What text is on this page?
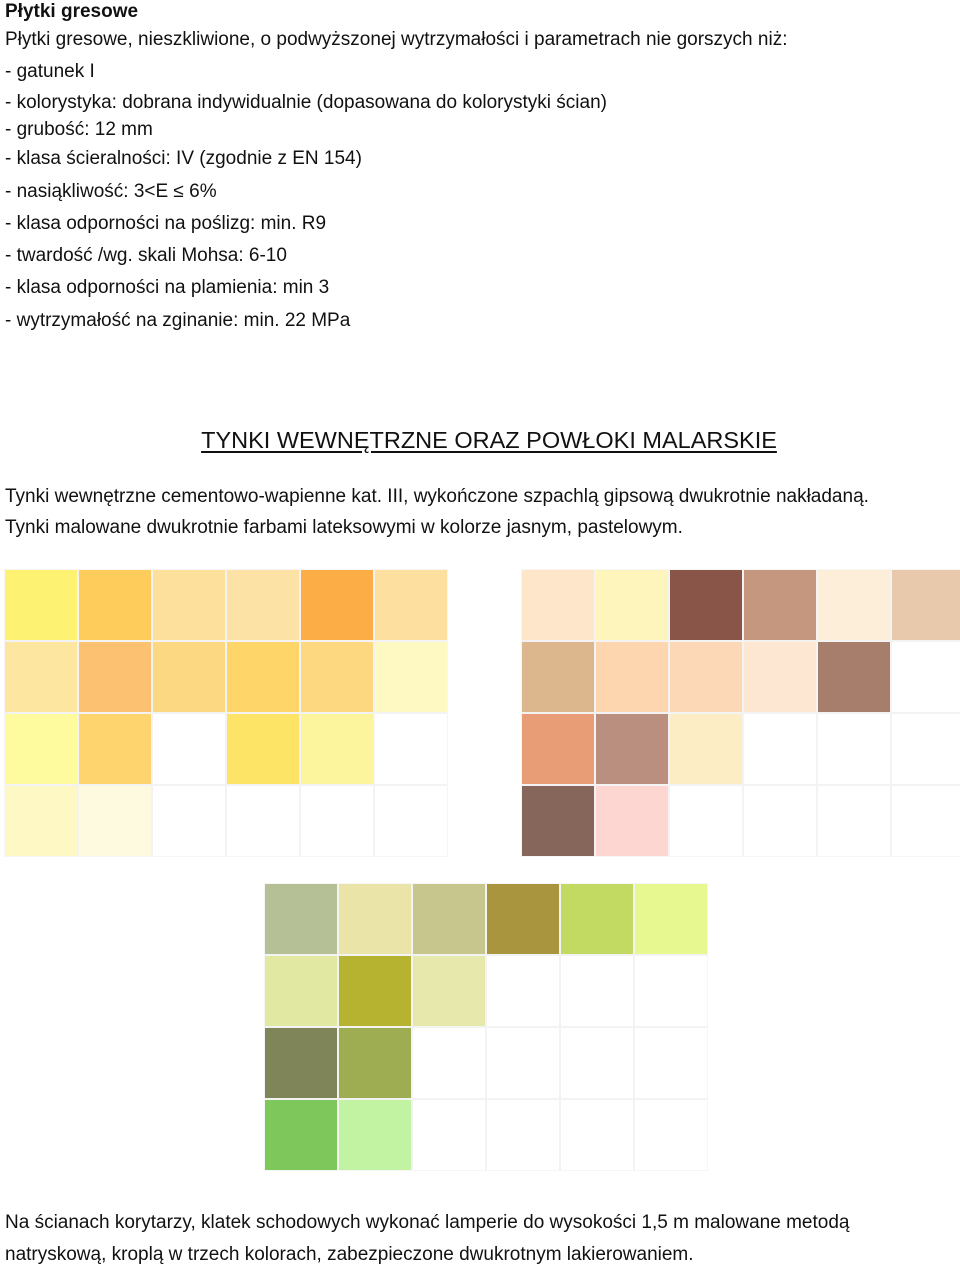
Płytki gresowe
Płytki gresowe, nieszkliwione, o podwyższonej wytrzymałości i parametrach nie gorszych niż:
- gatunek I
- kolorystyka: dobrana indywidualnie (dopasowana do kolorystyki ścian)
- grubość: 12 mm
- klasa ścieralności: IV (zgodnie z EN 154)
- nasiąkliwość: 3<E ≤ 6%
- klasa odporności na poślizg: min. R9
- twardość /wg. skali Mohsa: 6-10
- klasa odporności na plamienia: min 3
- wytrzymałość na zginanie: min. 22 MPa
TYNKI WEWNĘTRZNE ORAZ POWŁOKI MALARSKIE
Tynki wewnętrzne cementowo-wapienne kat. III, wykończone szpachlą gipsową dwukrotnie nakładaną.
Tynki malowane dwukrotnie farbami lateksowymi w kolorze jasnym, pastelowym.
Na ścianach korytarzy, klatek schodowych wykonać lamperie do wysokości 1,5 m malowane metodą
natryskową, kroplą w trzech kolorach, zabezpieczone dwukrotnym lakierowaniem.
